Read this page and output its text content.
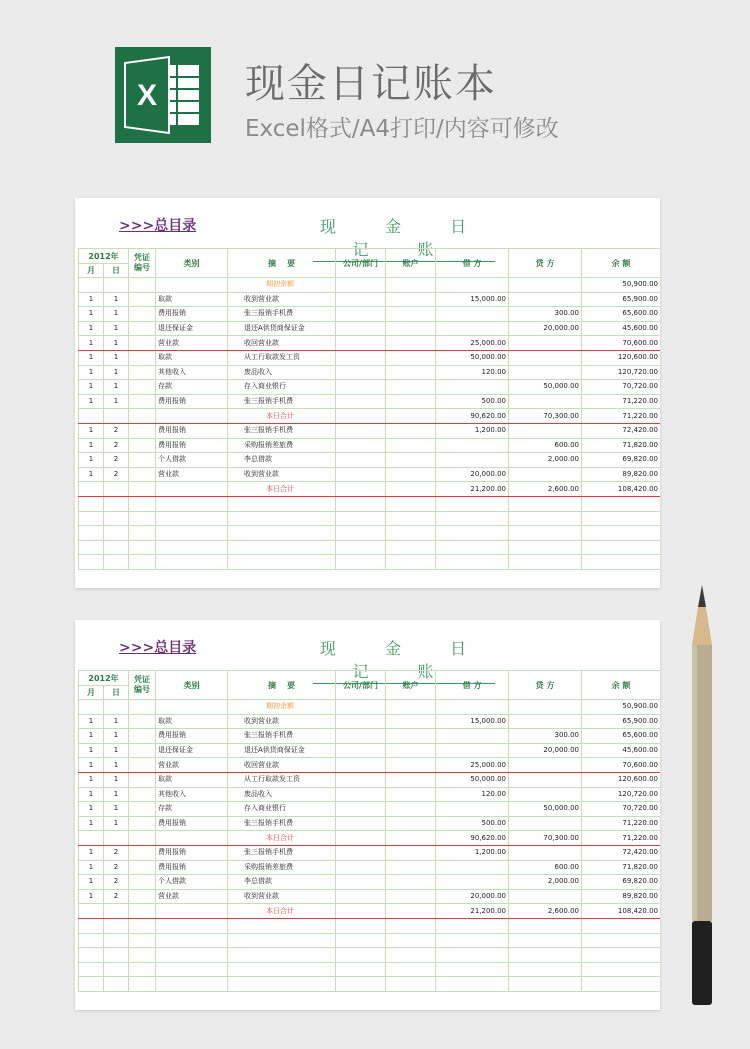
X 现金日记账本
Excel格式/A4打印/内容可修改
>>>总目录	现 金 日 记 账
2012年		凭证编号	类别	摘    要	公司/部门	账户	借 方	贷 方	余 额
月	日								
				期初余额					50,900.00
1	1		取款	收到营业款			15,000.00		65,900.00
1	1		费用报销	张三报销手机费				300.00	65,600.00
1	1		退还保证金	退还A供货商保证金				20,000.00	45,600.00
1	1		营业款	收回营业款			25,000.00		70,600.00
1	1		取款	从工行取款发工资			50,000.00		120,600.00
1	1		其他收入	废品收入			120.00		120,720.00
1	1		存款	存入商业银行				50,000.00	70,720.00
1	1		费用报销	张三报销手机费			500.00		71,220.00
				本日合计			90,620.00	70,300.00	71,220.00
1	2		费用报销	张三报销手机费			1,200.00		72,420.00
1	2		费用报销	采购报销差旅费				600.00	71,820.00
1	2		个人借款	李总借款				2,000.00	69,820.00
1	2		营业款	收到营业款			20,000.00		89,820.00
				本日合计			21,200.00	2,600.00	108,420.00

>>>总目录	现 金 日 记 账
2012年		凭证编号	类别	摘    要	公司/部门	账户	借 方	贷 方	余 额
月	日								
				期初余额					50,900.00
1	1		取款	收到营业款			15,000.00		65,900.00
1	1		费用报销	张三报销手机费				300.00	65,600.00
1	1		退还保证金	退还A供货商保证金				20,000.00	45,600.00
1	1		营业款	收回营业款			25,000.00		70,600.00
1	1		取款	从工行取款发工资			50,000.00		120,600.00
1	1		其他收入	废品收入			120.00		120,720.00
1	1		存款	存入商业银行				50,000.00	70,720.00
1	1		费用报销	张三报销手机费			500.00		71,220.00
				本日合计			90,620.00	70,300.00	71,220.00
1	2		费用报销	张三报销手机费			1,200.00		72,420.00
1	2		费用报销	采购报销差旅费				600.00	71,820.00
1	2		个人借款	李总借款				2,000.00	69,820.00
1	2		营业款	收到营业款			20,000.00		89,820.00
				本日合计			21,200.00	2,600.00	108,420.00
